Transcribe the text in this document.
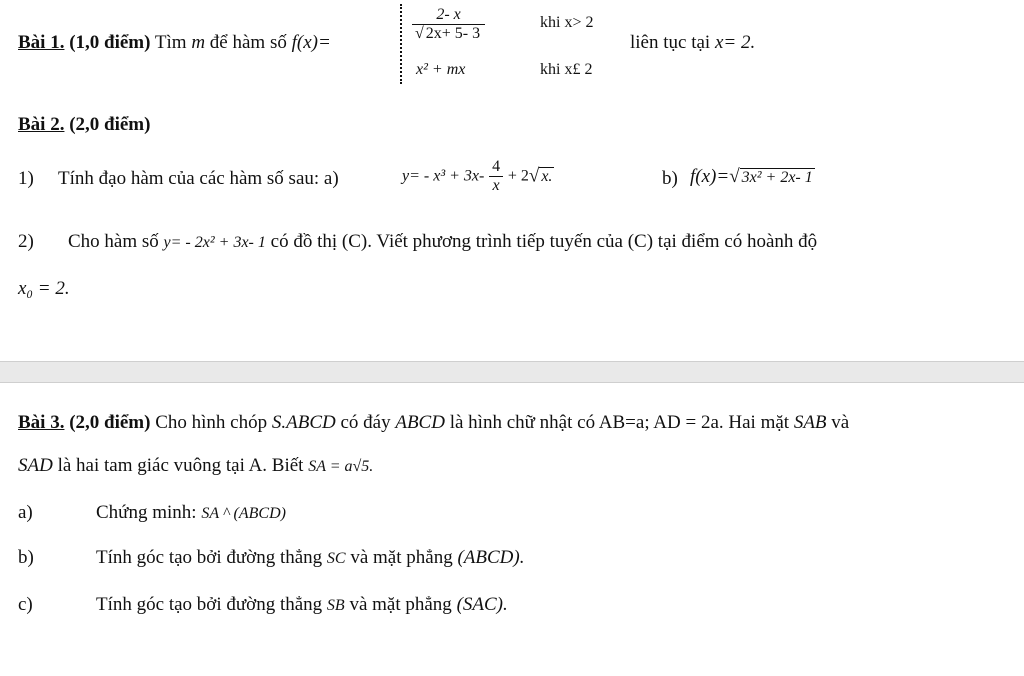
Bài 1. (1,0 điểm) Tìm m để hàm số f(x)=	$\frac{2- x}{√ 2x+ 5- 3}$	khi x> 2
x² + mx	khi x£ 2
liên tục tại x= 2.
Bài 2. (2,0 điểm)
1) Tính đạo hàm của các hàm số sau: a)	$y= - x^3 + 3x- \frac{4}{x} + 2√$ x.	b) f(x)=√ 3x² + 2x- 1
2) Cho hàm số y= - 2x² + 3x- 1 có đồ thị (C). Viết phương trình tiếp tuyến của (C) tại điểm có hoành độ
x₀ = 2.
Bài 3. (2,0 điểm) Cho hình chóp S.ABCD có đáy ABCD là hình chữ nhật có AB=a; AD = 2a. Hai mặt SAB và
SAD là hai tam giác vuông tại A. Biết SA = a√5.
a)	Chứng minh: SA ^ (ABCD)
b)	Tính góc tạo bởi đường thẳng SC và mặt phẳng (ABCD).
c)	Tính góc tạo bởi đường thẳng SB và mặt phẳng (SAC).
